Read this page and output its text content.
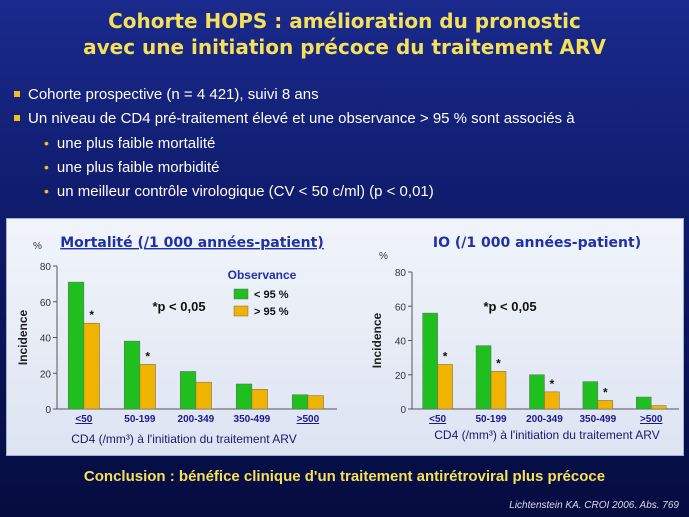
Cohorte HOPS : amélioration du pronostic
avec une initiation précoce du traitement ARV
Cohorte prospective (n = 4 421), suivi 8 ans
Un niveau de CD4 pré-traitement élevé et une observance > 95 % sont associés à
• une plus faible mortalité
• une plus faible morbidité
• un meilleur contrôle virologique (CV < 50 c/ml) (p < 0,01)
Mortalité (/1 000 années-patient)
%
Incidence
0
20
40
60
80
*
<50
*
50-199 200-349 350-499	>500
CD4 (/mm³) à l'initiation du traitement ARV
*p < 0,05
Observance
< 95 %
> 95 %
IO (/1 000 années-patient)
%
Incidence
0
20
40
60
80
*
<50
*
50-199
*
200-349
*
350-499 >500
CD4 (/mm³) à l'initiation du traitement ARV
*p < 0,05
Conclusion : bénéfice clinique d'un traitement antirétroviral plus précoce
Lichtenstein KA. CROI 2006. Abs. 769
